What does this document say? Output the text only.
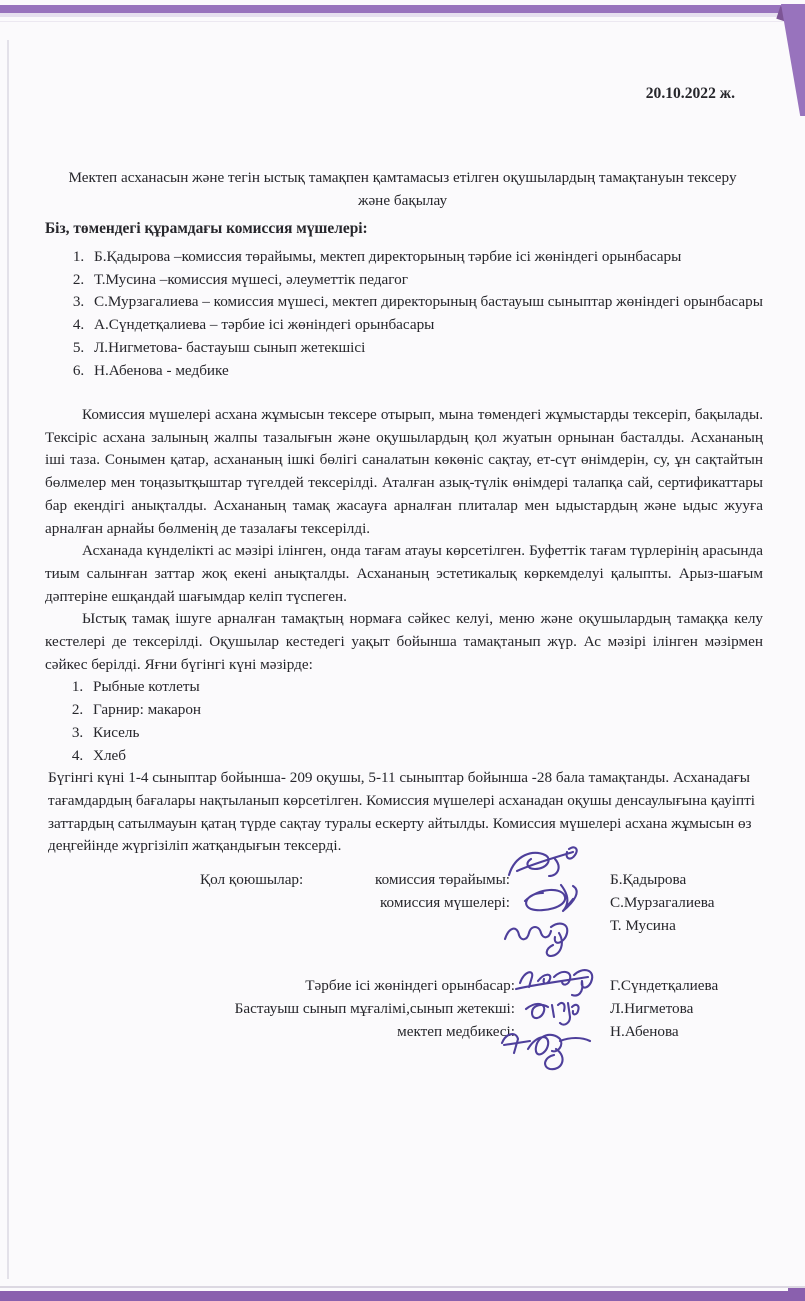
20.10.2022 ж.
Мектеп асханасын және тегін ыстық тамақпен қамтамасыз етілген оқушылардың тамақтануын тексеру және бақылау
Біз, төмендегі құрамдағы комиссия мүшелері:
1. Б.Қадырова –комиссия төрайымы, мектеп директорының тәрбие ісі жөніндегі орынбасары
2. Т.Мусина –комиссия мүшесі, әлеуметтік педагог
3. С.Мурзагалиева – комиссия мүшесі, мектеп директорының бастауыш сыныптар жөніндегі орынбасары
4. А.Сүндетқалиева – тәрбие ісі жөніндегі орынбасары
5. Л.Нигметова- бастауыш сынып жетекшісі
6. Н.Абенова - медбике

Комиссия мүшелері асхана жұмысын тексере отырып, мына төмендегі жұмыстарды тексеріп, бақылады. Тексіріс асхана залының жалпы тазалығын және оқушылардың қол жуатын орнынан басталды. Асхананың іші таза. Сонымен қатар, асхананың ішкі бөлігі саналатын көкөніс сақтау, ет-сүт өнімдерін, су, ұн сақтайтын бөлмелер мен тоңазытқыштар түгелдей тексерілді. Аталған азық-түлік өнімдері талапқа сай, сертификаттары бар екендігі анықталды. Асхананың тамақ жасауға арналған плиталар мен ыдыстардың және ыдыс жууға арналған арнайы бөлменің де тазалағы тексерілді.

Асханада күнделікті ас мәзірі ілінген, онда тағам атауы көрсетілген. Буфеттік тағам түрлерінің арасында тиым салынған заттар жоқ екені анықталды. Асхананың эстетикалық көркемделуі қалыпты. Арыз-шағым дәптеріне ешқандай шағымдар келіп түспеген.

Ыстық тамақ ішуге арналған тамақтың нормаға сәйкес келуі, меню және оқушылардың тамаққа келу кестелері де тексерілді. Оқушылар кестедегі уақыт бойынша тамақтанып жүр. Ас мәзірі ілінген мәзірмен сәйкес берілді. Яғни бүгінгі күні мәзірде:

1. Рыбные котлеты
2. Гарнир: макарон
3. Кисель
4. Хлеб

Бүгінгі күні 1-4 сыныптар бойынша- 209 оқушы, 5-11 сыныптар бойынша -28 бала тамақтанды. Асханадағы тағамдардың бағалары нақтыланып көрсетілген. Комиссия мүшелері асханадан оқушы денсаулығына қауіпті заттардың сатылмауын қатаң түрде сақтау туралы ескерту айтылды. Комиссия мүшелері асхана жұмысын өз деңгейінде жүргізіліп жатқандығын тексерді.

Қол қоюшылар:	комиссия төрайымы:
комиссия мүшелері:
Б.Қадырова
С.Мурзагалиева
Т. Мусина
Тәрбие ісі жөніндегі орынбасар:
Бастауыш сынып мұғалімі,сынып жетекші:
мектеп медбикесі:
Г.Сүндетқалиева
Л.Нигметова
Н.Абенова
